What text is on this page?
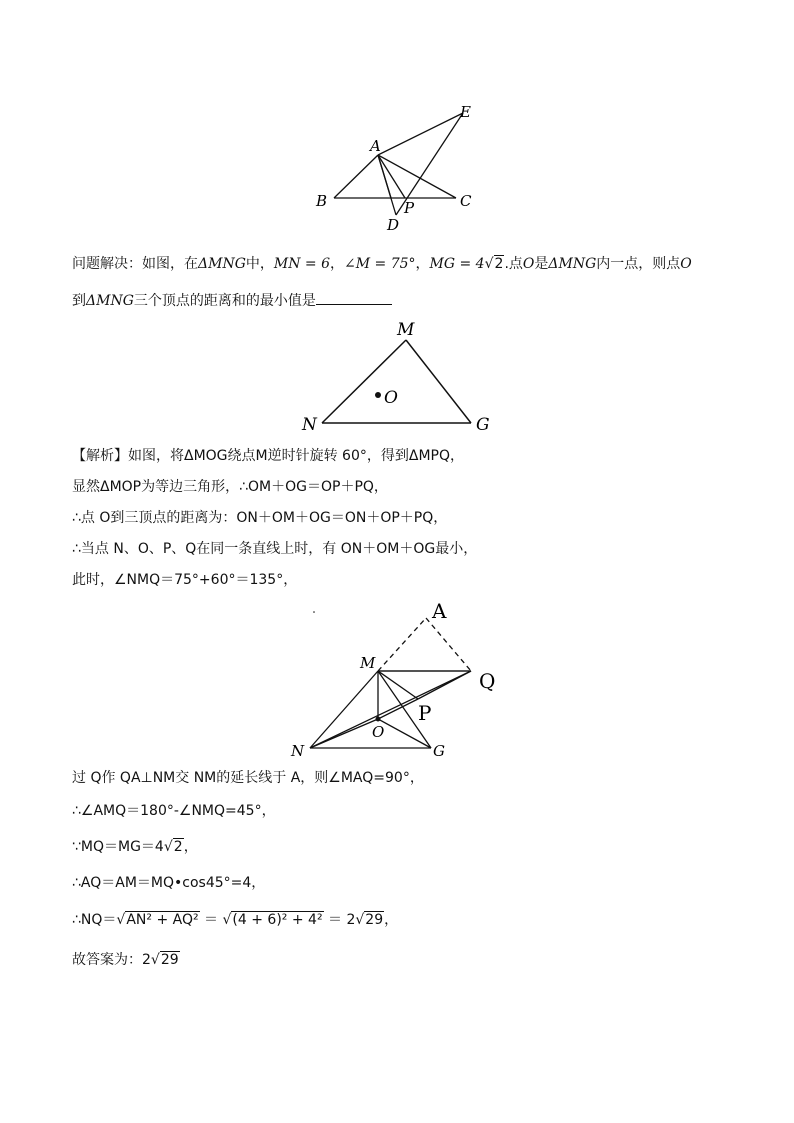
E
A
B	C
D
P
问题解决：如图，在ΔMNG中，MN = 6，∠M = 75°，MG = 4√2.点O是ΔMNG内一点，则点O
到ΔMNG三个顶点的距离和的最小值是
M
N	G
O
【解析】如图，将ΔMOG绕点M逆时针旋转 60°，得到ΔMPQ，
显然ΔMOP为等边三角形，∴OM＋OG＝OP＋PQ，
∴点 O到三顶点的距离为：ON＋OM＋OG＝ON＋OP＋PQ，
∴当点 N、O、P、Q在同一条直线上时，有 ON＋OM＋OG最小，
此时，∠NMQ＝75°+60°＝135°，
A
Q
P
M
O
N	G
过 Q作 QA⊥NM交 NM的延长线于 A，则∠MAQ=90°，
∴∠AMQ＝180°-∠NMQ=45°，
∵MQ＝MG＝4√2，
∴AQ＝AM＝MQ•cos45°=4，
∴NQ＝√AN² + AQ² ＝ √(4 + 6)² + 4² ＝ 2√29，
故答案为：2√29
